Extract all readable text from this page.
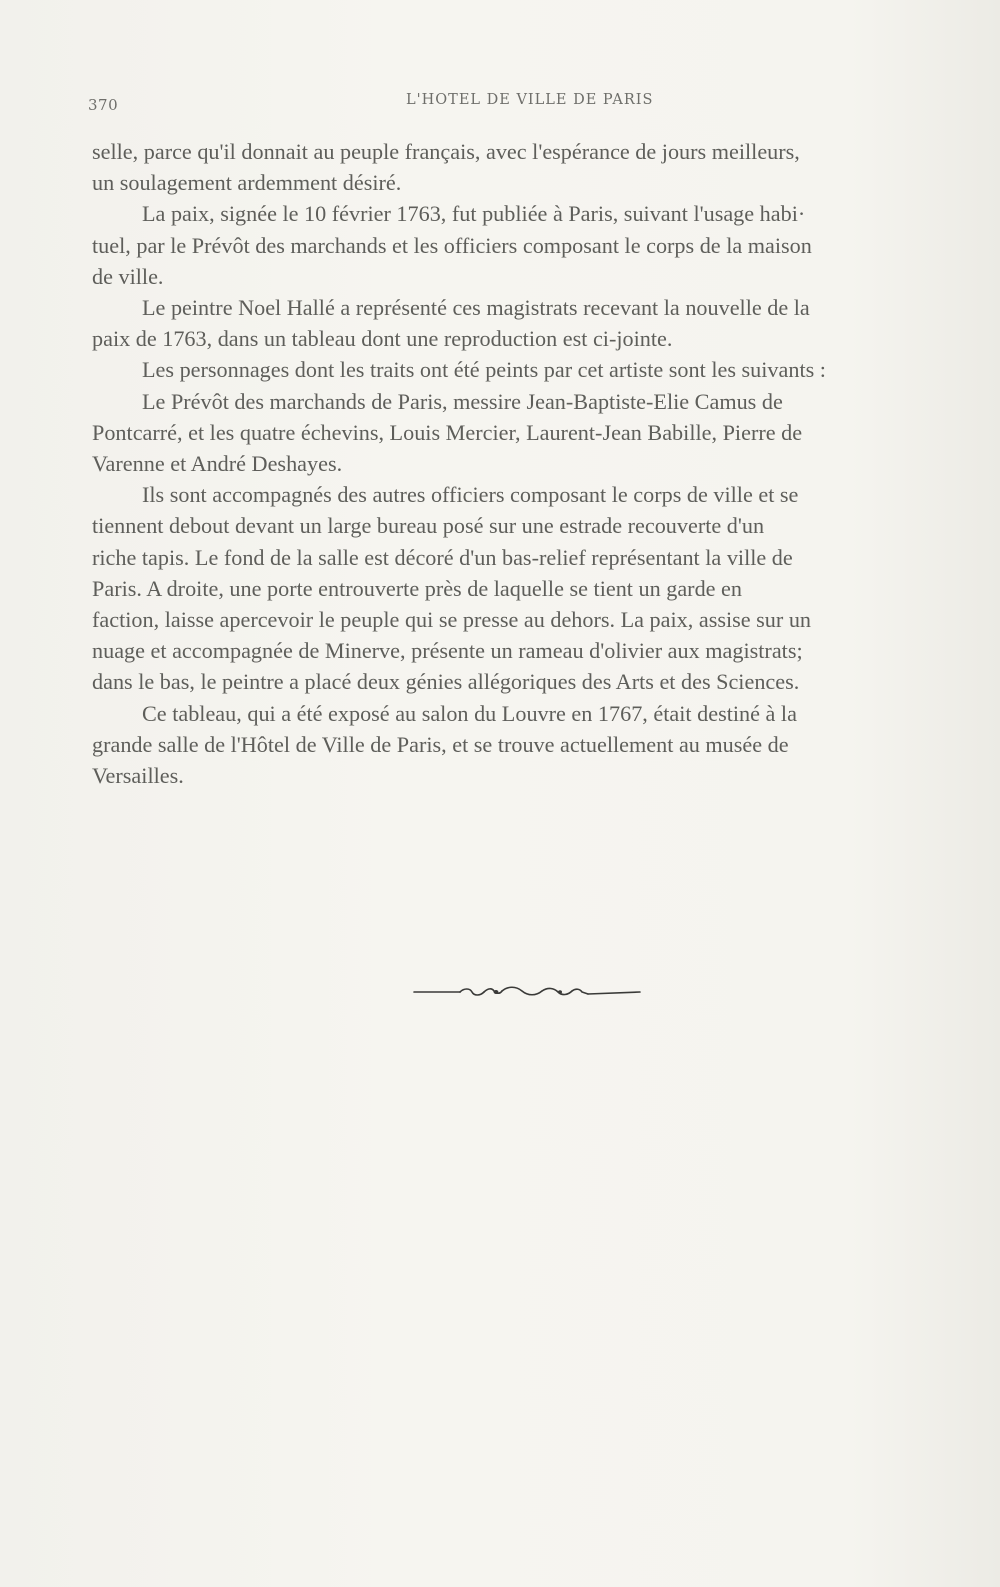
370	L'HOTEL DE VILLE DE PARIS
selle, parce qu'il donnait au peuple français, avec l'espérance de jours meilleurs,
un soulagement ardemment désiré.
La paix, signée le 10 février 1763, fut publiée à Paris, suivant l'usage habi·
tuel, par le Prévôt des marchands et les officiers composant le corps de la maison
de ville.
Le peintre Noel Hallé a représenté ces magistrats recevant la nouvelle de la
paix de 1763, dans un tableau dont une reproduction est ci-jointe.
Les personnages dont les traits ont été peints par cet artiste sont les suivants :
Le Prévôt des marchands de Paris, messire Jean-Baptiste-Elie Camus de
Pontcarré, et les quatre échevins, Louis Mercier, Laurent-Jean Babille, Pierre de
Varenne et André Deshayes.
Ils sont accompagnés des autres officiers composant le corps de ville et se
tiennent debout devant un large bureau posé sur une estrade recouverte d'un
riche tapis. Le fond de la salle est décoré d'un bas-relief représentant la ville de
Paris. A droite, une porte entrouverte près de laquelle se tient un garde en
faction, laisse apercevoir le peuple qui se presse au dehors. La paix, assise sur un
nuage et accompagnée de Minerve, présente un rameau d'olivier aux magistrats;
dans le bas, le peintre a placé deux génies allégoriques des Arts et des Sciences.
Ce tableau, qui a été exposé au salon du Louvre en 1767, était destiné à la
grande salle de l'Hôtel de Ville de Paris, et se trouve actuellement au musée de
Versailles.
